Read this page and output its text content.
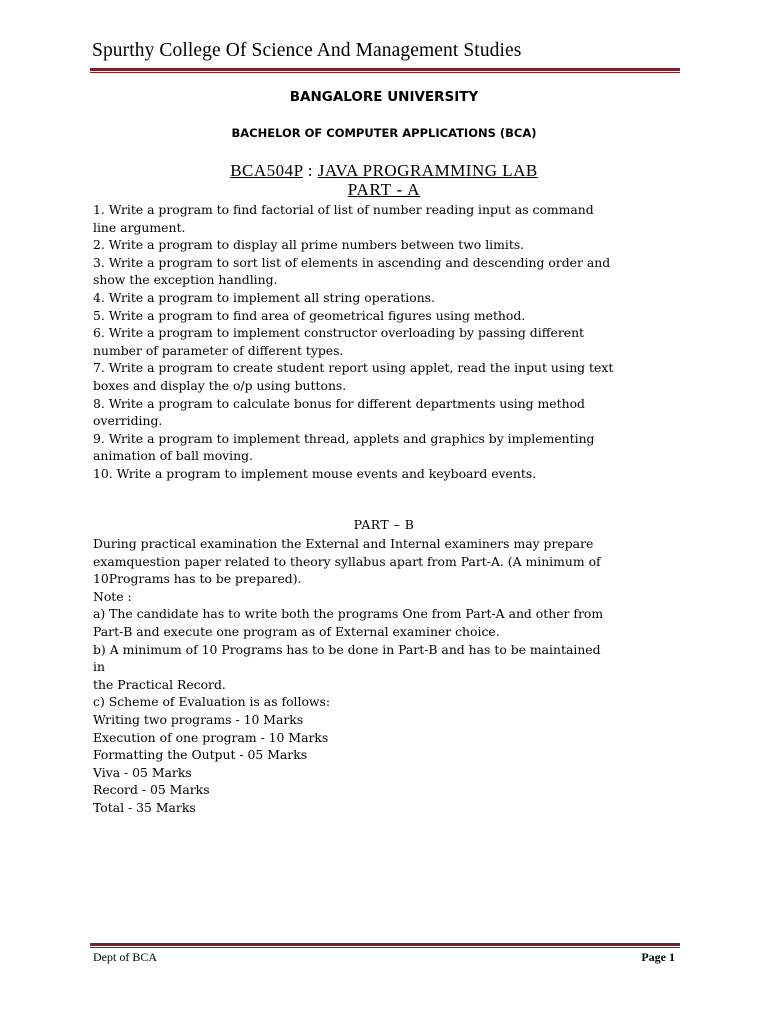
Spurthy College Of Science And Management Studies
BANGALORE UNIVERSITY
BACHELOR OF COMPUTER APPLICATIONS (BCA)
BCA504P : JAVA PROGRAMMING LAB
PART - A
1. Write a program to find factorial of list of number reading input as command
line argument.
2. Write a program to display all prime numbers between two limits.
3. Write a program to sort list of elements in ascending and descending order and
show the exception handling.
4. Write a program to implement all string operations.
5. Write a program to find area of geometrical figures using method.
6. Write a program to implement constructor overloading by passing different
number of parameter of different types.
7. Write a program to create student report using applet, read the input using text
boxes and display the o/p using buttons.
8. Write a program to calculate bonus for different departments using method
overriding.
9. Write a program to implement thread, applets and graphics by implementing
animation of ball moving.
10. Write a program to implement mouse events and keyboard events.
PART – B
During practical examination the External and Internal examiners may prepare
examquestion paper related to theory syllabus apart from Part-A. (A minimum of
10Programs has to be prepared).
Note :
a) The candidate has to write both the programs One from Part-A and other from
Part-B and execute one program as of External examiner choice.
b) A minimum of 10 Programs has to be done in Part-B and has to be maintained
in
the Practical Record.
c) Scheme of Evaluation is as follows:
Writing two programs - 10 Marks
Execution of one program - 10 Marks
Formatting the Output - 05 Marks
Viva - 05 Marks
Record - 05 Marks
Total - 35 Marks
Dept of BCA	Page 1
